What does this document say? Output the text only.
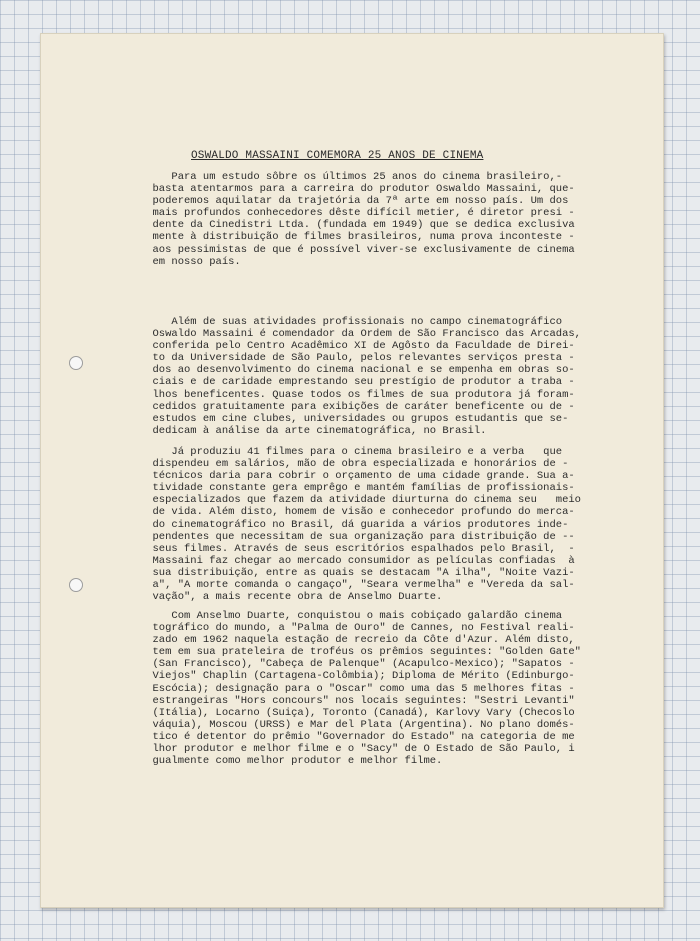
OSWALDO MASSAINI COMEMORA 25 ANOS DE CINEMA
Para um estudo sôbre os últimos 25 anos do cinema brasileiro,-
basta atentarmos para a carreira do produtor Oswaldo Massaini, que-
poderemos aquilatar da trajetória da 7ª arte em nosso país. Um dos
mais profundos conhecedores dêste difícil metier, é diretor presi -
dente da Cinedistri Ltda. (fundada em 1949) que se dedica exclusiva
mente à distribuição de filmes brasileiros, numa prova inconteste -
aos pessimistas de que é possível viver-se exclusivamente de cinema
em nosso país.
Além de suas atividades profissionais no campo cinematográfico
Oswaldo Massaini é comendador da Ordem de São Francisco das Arcadas,
conferida pelo Centro Acadêmico XI de Agôsto da Faculdade de Direi-
to da Universidade de São Paulo, pelos relevantes serviços presta -
dos ao desenvolvimento do cinema nacional e se empenha em obras so-
ciais e de caridade emprestando seu prestígio de produtor a traba -
lhos beneficentes. Quase todos os filmes de sua produtora já foram-
cedidos gratuitamente para exibições de caráter beneficente ou de -
estudos em cine clubes, universidades ou grupos estudantis que se-
dedicam à análise da arte cinematográfica, no Brasil.
Já produziu 41 filmes para o cinema brasileiro e a verba   que
dispendeu em salários, mão de obra especializada e honorários de -
técnicos daria para cobrir o orçamento de uma cidade grande. Sua a-
tividade constante gera emprêgo e mantém famílias de profissionais-
especializados que fazem da atividade diurturna do cinema seu   meio
de vida. Além disto, homem de visão e conhecedor profundo do merca-
do cinematográfico no Brasil, dá guarida a vários produtores inde-
pendentes que necessitam de sua organização para distribuição de --
seus filmes. Através de seus escritórios espalhados pelo Brasil,  -
Massaini faz chegar ao mercado consumidor as películas confiadas  à
sua distribuição, entre as quais se destacam "A ilha", "Noite Vazi-
a", "A morte comanda o cangaço", "Seara vermelha" e "Vereda da sal-
vação", a mais recente obra de Anselmo Duarte.
Com Anselmo Duarte, conquistou o mais cobiçado galardão cinema
tográfico do mundo, a "Palma de Ouro" de Cannes, no Festival reali-
zado em 1962 naquela estação de recreio da Côte d'Azur. Além disto,
tem em sua prateleira de troféus os prêmios seguintes: "Golden Gate"
(San Francisco), "Cabeça de Palenque" (Acapulco-Mexico); "Sapatos -
Viejos" Chaplin (Cartagena-Colômbia); Diploma de Mérito (Edinburgo-
Escócia); designação para o "Oscar" como uma das 5 melhores fitas -
estrangeiras "Hors concours" nos locais seguintes: "Sestri Levanti"
(Itália), Locarno (Suiça), Toronto (Canadá), Karlovy Vary (Checoslo
váquia), Moscou (URSS) e Mar del Plata (Argentina). No plano domés-
tico é detentor do prêmio "Governador do Estado" na categoria de me
lhor produtor e melhor filme e o "Sacy" de O Estado de São Paulo, i
gualmente como melhor produtor e melhor filme.
